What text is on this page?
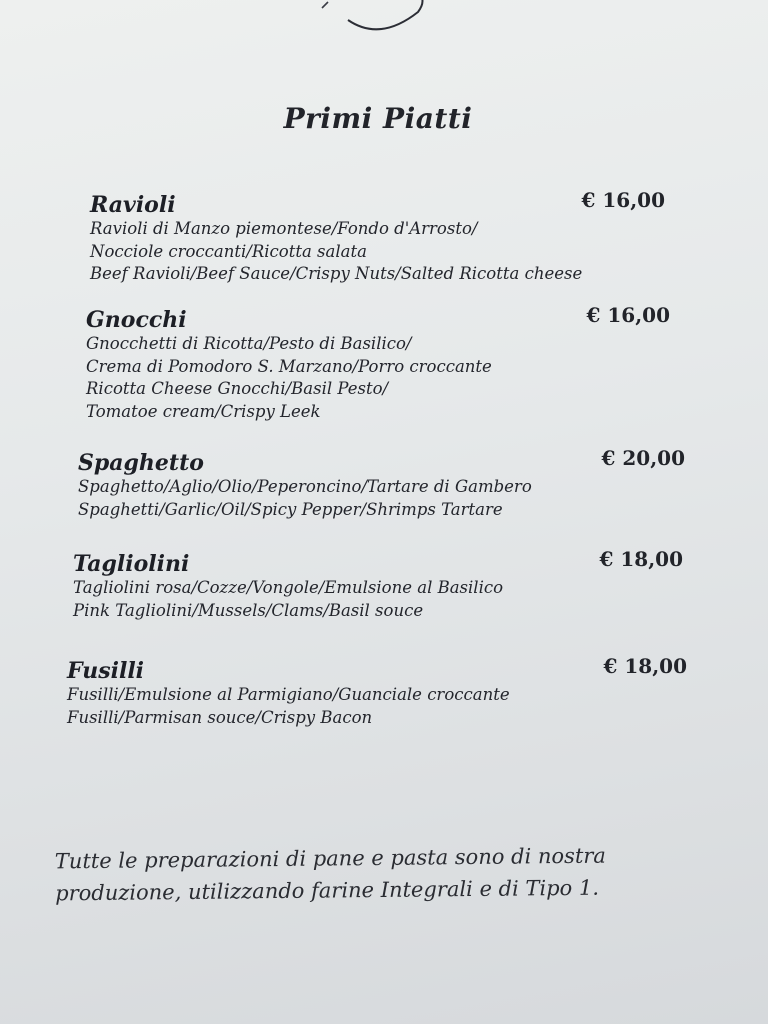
Primi Piatti
Ravioli	€ 16,00
Ravioli di Manzo piemontese/Fondo d'Arrosto/
Nocciole croccanti/Ricotta salata
Beef Ravioli/Beef Sauce/Crispy Nuts/Salted Ricotta cheese
Gnocchi	€ 16,00
Gnocchetti di Ricotta/Pesto di Basilico/
Crema di Pomodoro S. Marzano/Porro croccante
Ricotta Cheese Gnocchi/Basil Pesto/
Tomatoe cream/Crispy Leek
Spaghetto	€ 20,00
Spaghetto/Aglio/Olio/Peperoncino/Tartare di Gambero
Spaghetti/Garlic/Oil/Spicy Pepper/Shrimps Tartare
Tagliolini	€ 18,00
Tagliolini rosa/Cozze/Vongole/Emulsione al Basilico
Pink Tagliolini/Mussels/Clams/Basil souce
Fusilli	€ 18,00
Fusilli/Emulsione al Parmigiano/Guanciale croccante
Fusilli/Parmisan souce/Crispy Bacon
Tutte le preparazioni di pane e pasta sono di nostra
produzione, utilizzando farine Integrali e di Tipo 1.
